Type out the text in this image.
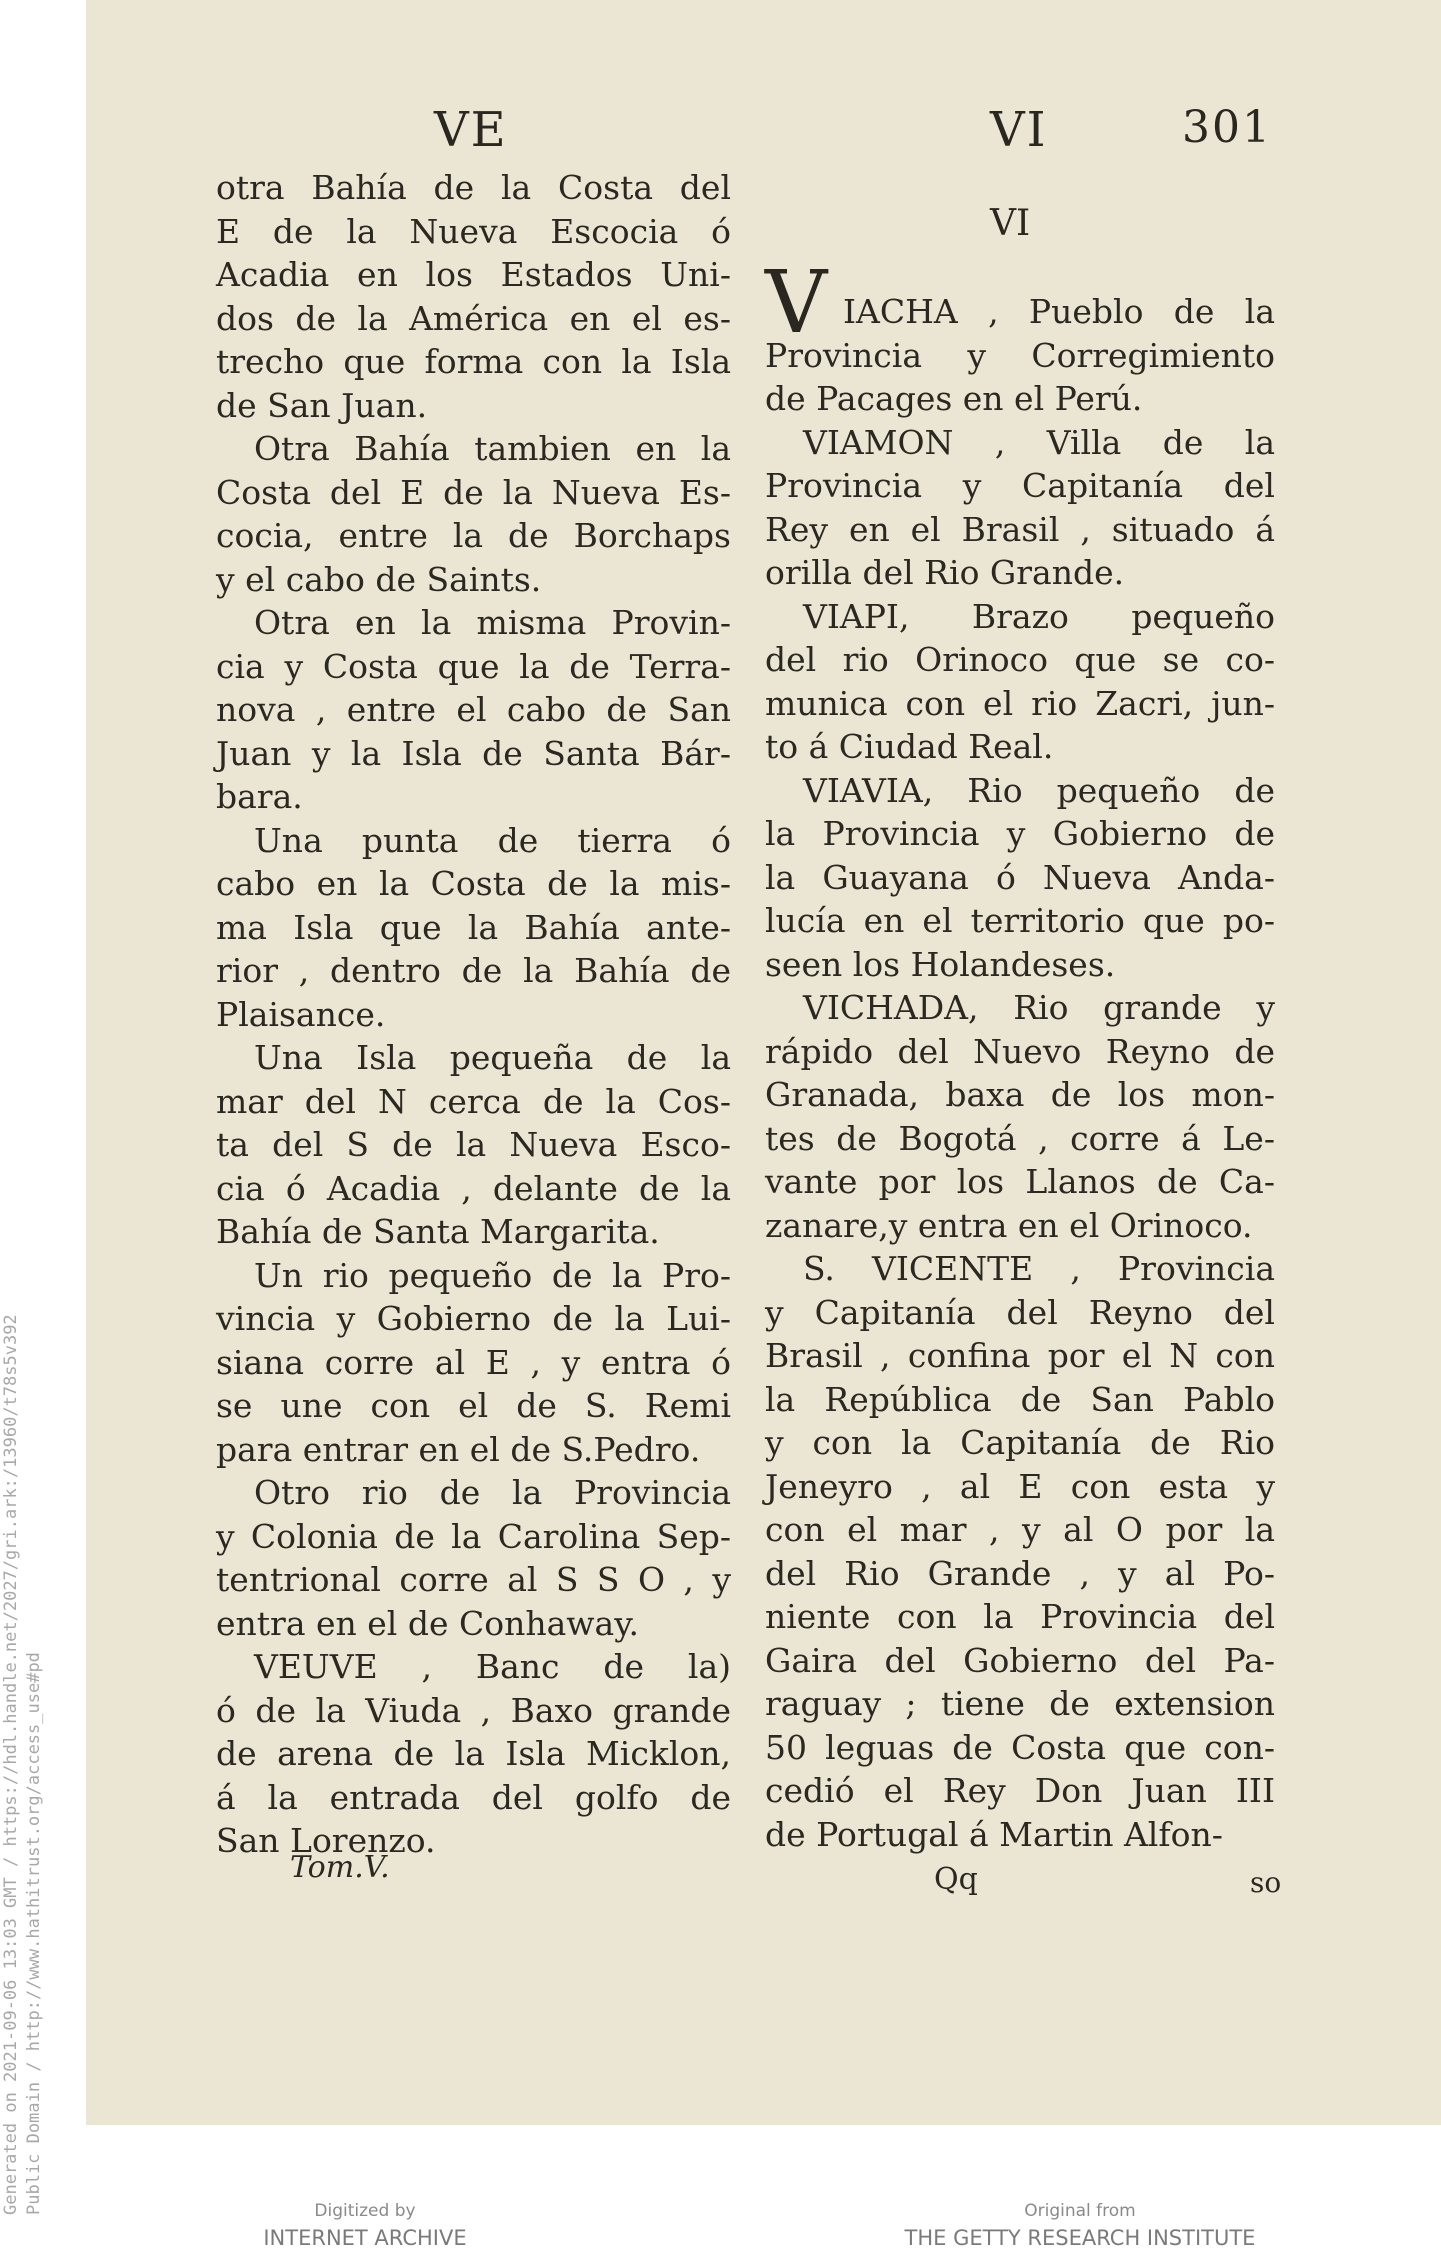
Generated on 2021-09-06 13:03 GMT / https://hdl.handle.net/2027/gri.ark:/13960/t78s5v392 Public Domain / http://www.hathitrust.org/access_use#pd
VE	VI	301
otra Bahía de la Costa del
E de la Nueva Escocia ó
Acadia en los Estados Uni-
dos de la América en el es-
trecho que forma con la Isla
de San Juan.
Otra Bahía tambien en la
Costa del E de la Nueva Es-
cocia, entre la de Borchaps
y el cabo de Saints.
Otra en la misma Provin-
cia y Costa que la de Terra-
nova , entre el cabo de San
Juan y la Isla de Santa Bár-
bara.
Una punta de tierra ó
cabo en la Costa de la mis-
ma Isla que la Bahía ante-
rior , dentro de la Bahía de
Plaisance.
Una Isla pequeña de la
mar del N cerca de la Cos-
ta del S de la Nueva Esco-
cia ó Acadia , delante de la
Bahía de Santa Margarita.
Un rio pequeño de la Pro-
vincia y Gobierno de la Lui-
siana corre al E , y entra ó
se une con el de S. Remi
para entrar en el de S.Pedro.
Otro rio de la Provincia
y Colonia de la Carolina Sep-
tentrional corre al S S O , y
entra en el de Conhaway.
VEUVE , Banc de la)
ó de la Viuda , Baxo grande
de arena de la Isla Micklon,
á la entrada del golfo de
San Lorenzo.
VI
V IACHA , Pueblo de la
Provincia y Corregimiento
de Pacages en el Perú.
VIAMON , Villa de la
Provincia y Capitanía del
Rey en el Brasil , situado á
orilla del Rio Grande.
VIAPI, Brazo pequeño
del rio Orinoco que se co-
munica con el rio Zacri, jun-
to á Ciudad Real.
VIAVIA, Rio pequeño de
la Provincia y Gobierno de
la Guayana ó Nueva Anda-
lucía en el territorio que po-
seen los Holandeses.
VICHADA, Rio grande y
rápido del Nuevo Reyno de
Granada, baxa de los mon-
tes de Bogotá , corre á Le-
vante por los Llanos de Ca-
zanare,y entra en el Orinoco.
S. VICENTE , Provincia
y Capitanía del Reyno del
Brasil , confina por el N con
la República de San Pablo
y con la Capitanía de Rio
Jeneyro , al E con esta y
con el mar , y al O por la
del Rio Grande , y al Po-
niente con la Provincia del
Gaira del Gobierno del Pa-
raguay ; tiene de extension
50 leguas de Costa que con-
cedió el Rey Don Juan III
de Portugal á Martin Alfon-
Tom.V.	Qq	so
Digitized by
INTERNET ARCHIVE
Original from
THE GETTY RESEARCH INSTITUTE
